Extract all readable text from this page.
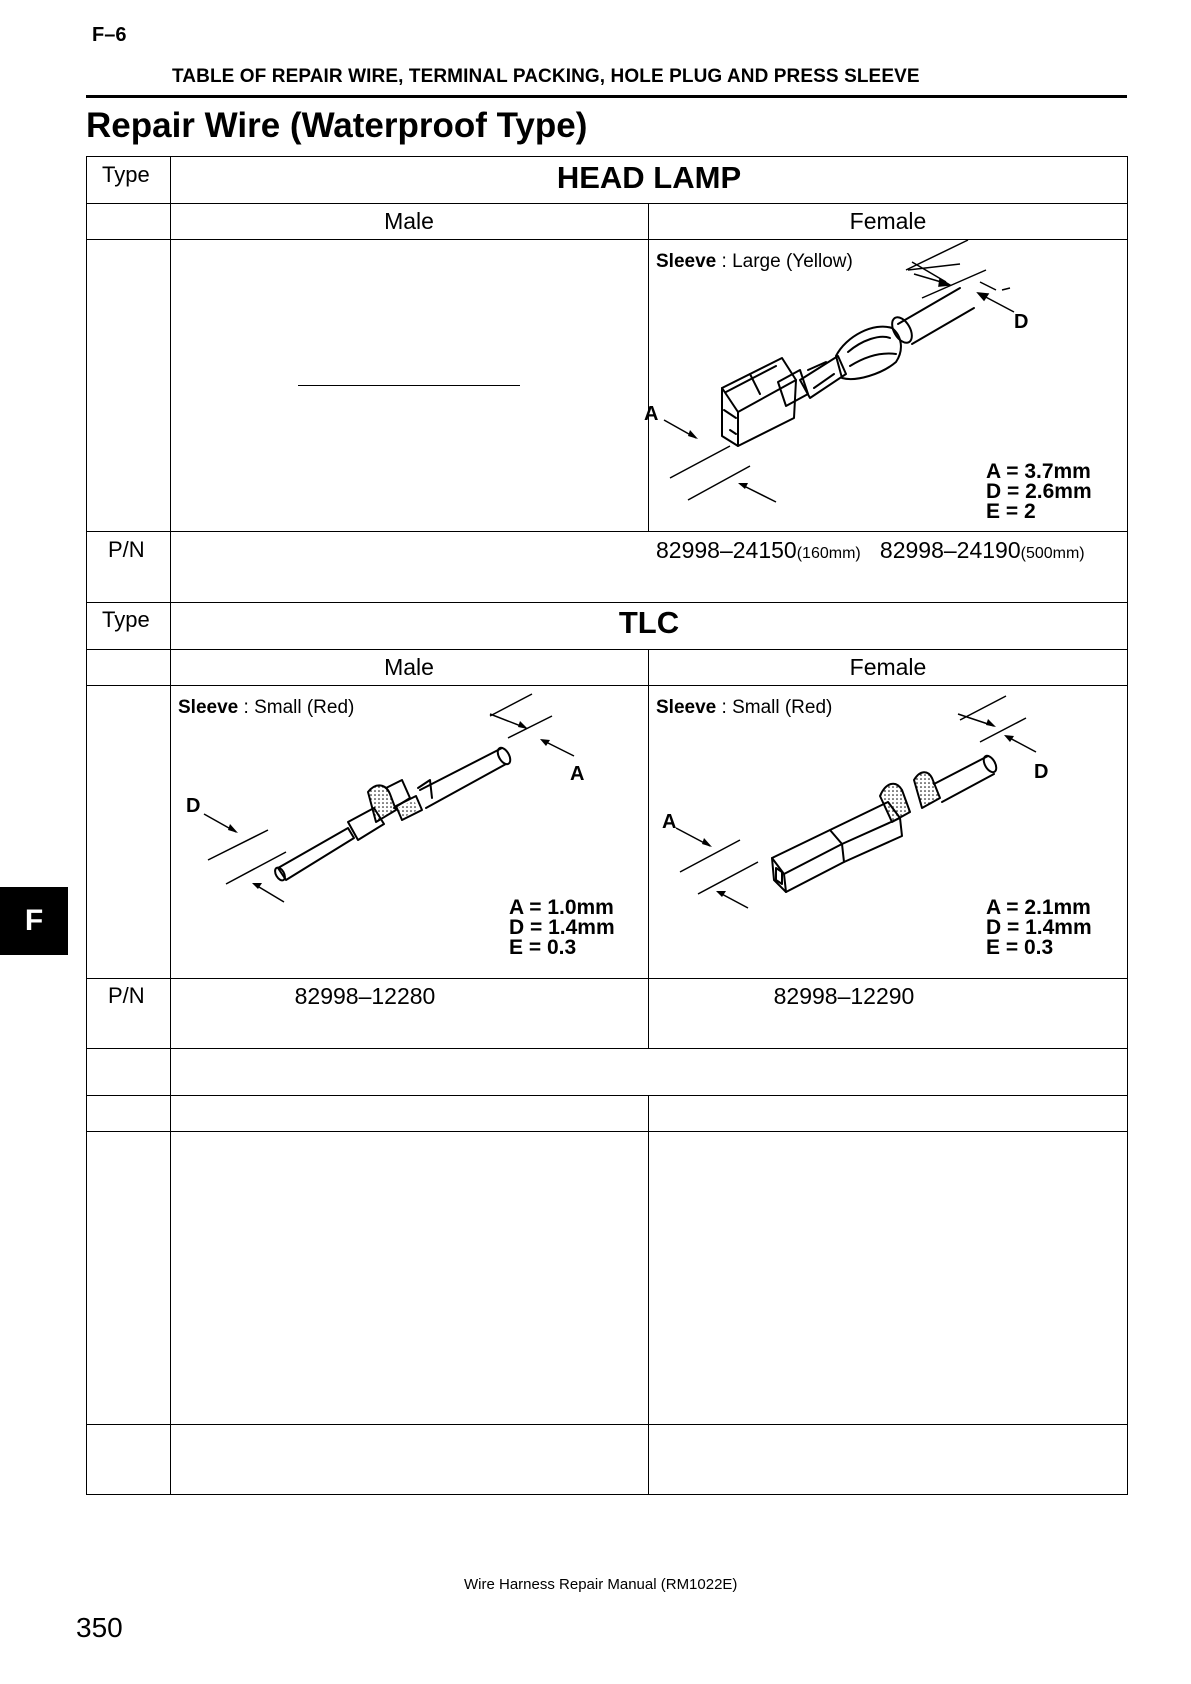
F–6
TABLE OF REPAIR WIRE, TERMINAL PACKING, HOLE PLUG AND PRESS SLEEVE
Repair Wire (Waterproof Type)
Type	HEAD LAMP
Male	Female
Sleeve : Large (Yellow)
D
A
A = 3.7mm
D = 2.6mm
E = 2
P/N	82998–24150(160mm) 82998–24190(500mm)
Type	TLC
Male	Female
Sleeve : Small (Red)	Sleeve : Small (Red)
A
D
A = 1.0mm
D = 1.4mm
E = 0.3
D
A
A = 2.1mm
D = 1.4mm
E = 0.3
P/N	82998–12280	82998–12290
F
Wire Harness Repair Manual (RM1022E)
350
